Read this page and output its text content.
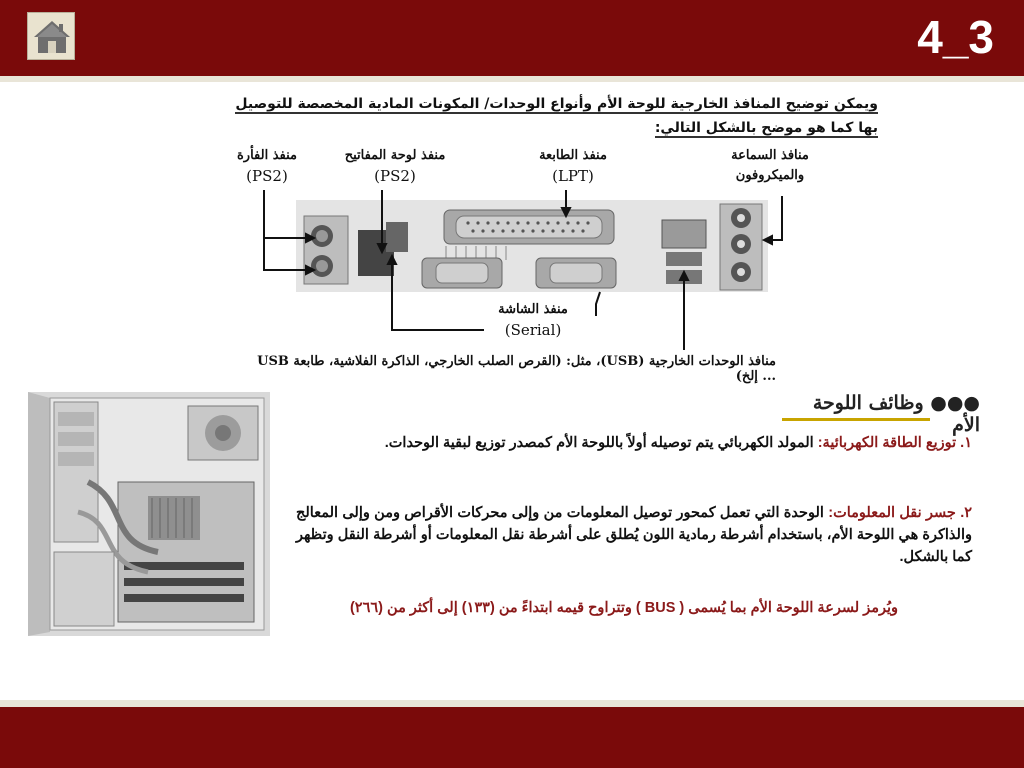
4_3
ويمكن توضيح المنافذ الخارجية للوحة الأم وأنواع الوحدات/ المكونات المادية المخصصة للتوصيل بها كما هو موضح بالشكل التالي:
منفذ الفأرة
(PS2)
منفذ لوحة المفاتيح
(PS2)
منفذ الطابعة
(LPT)
منافذ السماعة والميكروفون
منفذ الشاشة
(Serial)
منافذ الوحدات الخارجية (USB)، مثل: (القرص الصلب الخارجي، الذاكرة الفلاشية، طابعة USB ... إلخ)
●●● وظائف اللوحة الأم
١. توزيع الطاقة الكهربائية: المولد الكهربائي يتم توصيله أولاً باللوحة الأم كمصدر توزيع لبقية الوحدات.
٢. جسر نقل المعلومات: الوحدة التي تعمل كمحور توصيل المعلومات من وإلى محركات الأقراص ومن وإلى المعالج والذاكرة هي اللوحة الأم، باستخدام أشرطة رمادية اللون يُطلق على أشرطة نقل المعلومات أو أشرطة النقل وتظهر كما بالشكل.
ويُرمز لسرعة اللوحة الأم بما يُسمى ( BUS ) وتتراوح قيمه ابتداءً من (١٣٣) إلى أكثر من (٢٦٦)
